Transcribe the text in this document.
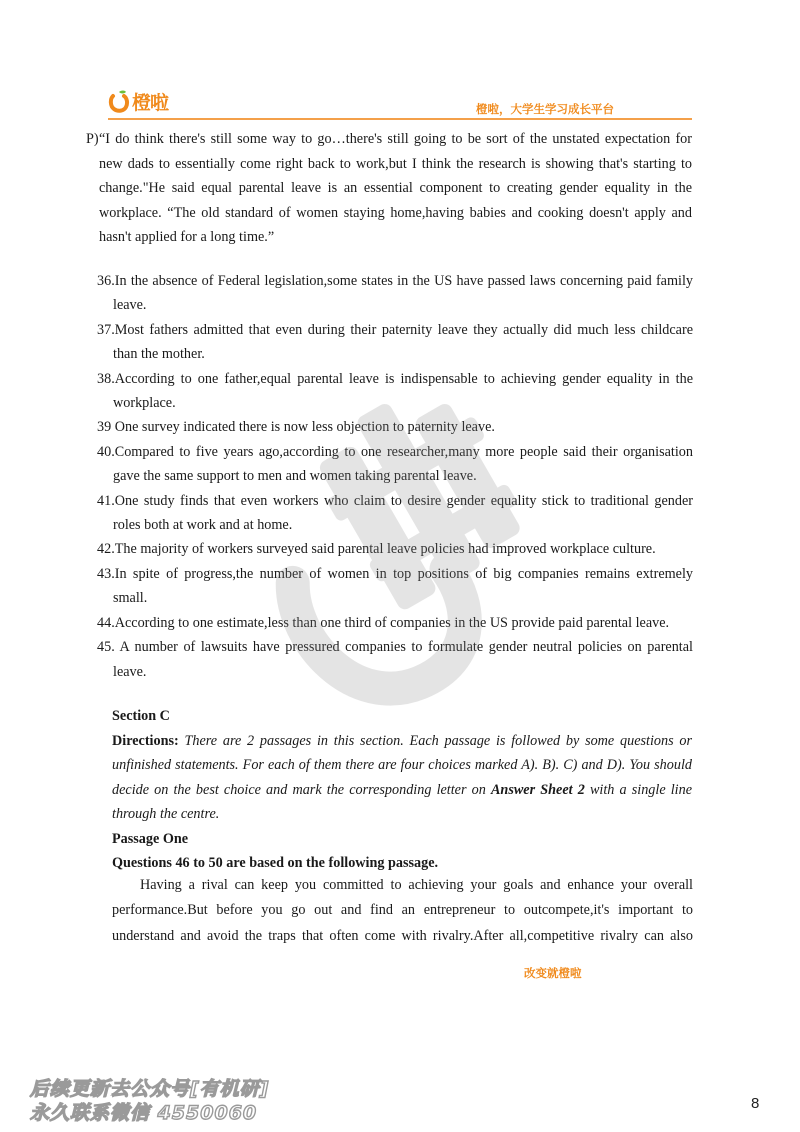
橙啦	橙啦，大学生学习成长平台
P) “I do think there's still some way to go…there's still going to be sort of the unstated expectation for
new dads to essentially come right back to work,but I think the research is showing that's starting to
change."He said equal parental leave is an essential component to creating gender equality in the
workplace. “The old standard of women staying home,having babies and cooking doesn't apply and
hasn't applied for a long time.”
36.In the absence of Federal legislation,some states in the US have passed laws concerning paid family
leave.
37.Most fathers admitted that even during their paternity leave they actually did much less childcare
than the mother.
38.According to one father,equal parental leave is indispensable to achieving gender equality in the
workplace.
39 One survey indicated there is now less objection to paternity leave.
40.Compared to five years ago,according to one researcher,many more people said their organisation
gave the same support to men and women taking parental leave.
41.One study finds that even workers who claim to desire gender equality stick to traditional gender
roles both at work and at home.
42.The majority of workers surveyed said parental leave policies had improved workplace culture.
43.In spite of progress,the number of women in top positions of big companies remains extremely
small.
44.According to one estimate,less than one third of companies in the US provide paid parental leave.
45. A number of lawsuits have pressured companies to formulate gender neutral policies on parental
leave.
Section C
Directions: There are 2 passages in this section. Each passage is followed by some questions or
unfinished statements. For each of them there are four choices marked A). B). C) and D). You should
decide on the best choice and mark the corresponding letter on Answer Sheet 2 with a single line
through the centre.
Passage One
Questions 46 to 50 are based on the following passage.
Having a rival can keep you committed to achieving your goals and enhance your overall
performance.But before you go out and find an entrepreneur to outcompete,it's important to
understand and avoid the traps that often come with rivalry.After all,competitive rivalry can also
改变就橙啦
后续更新去公众号[有机研]
永久联系微信 4550060	8
